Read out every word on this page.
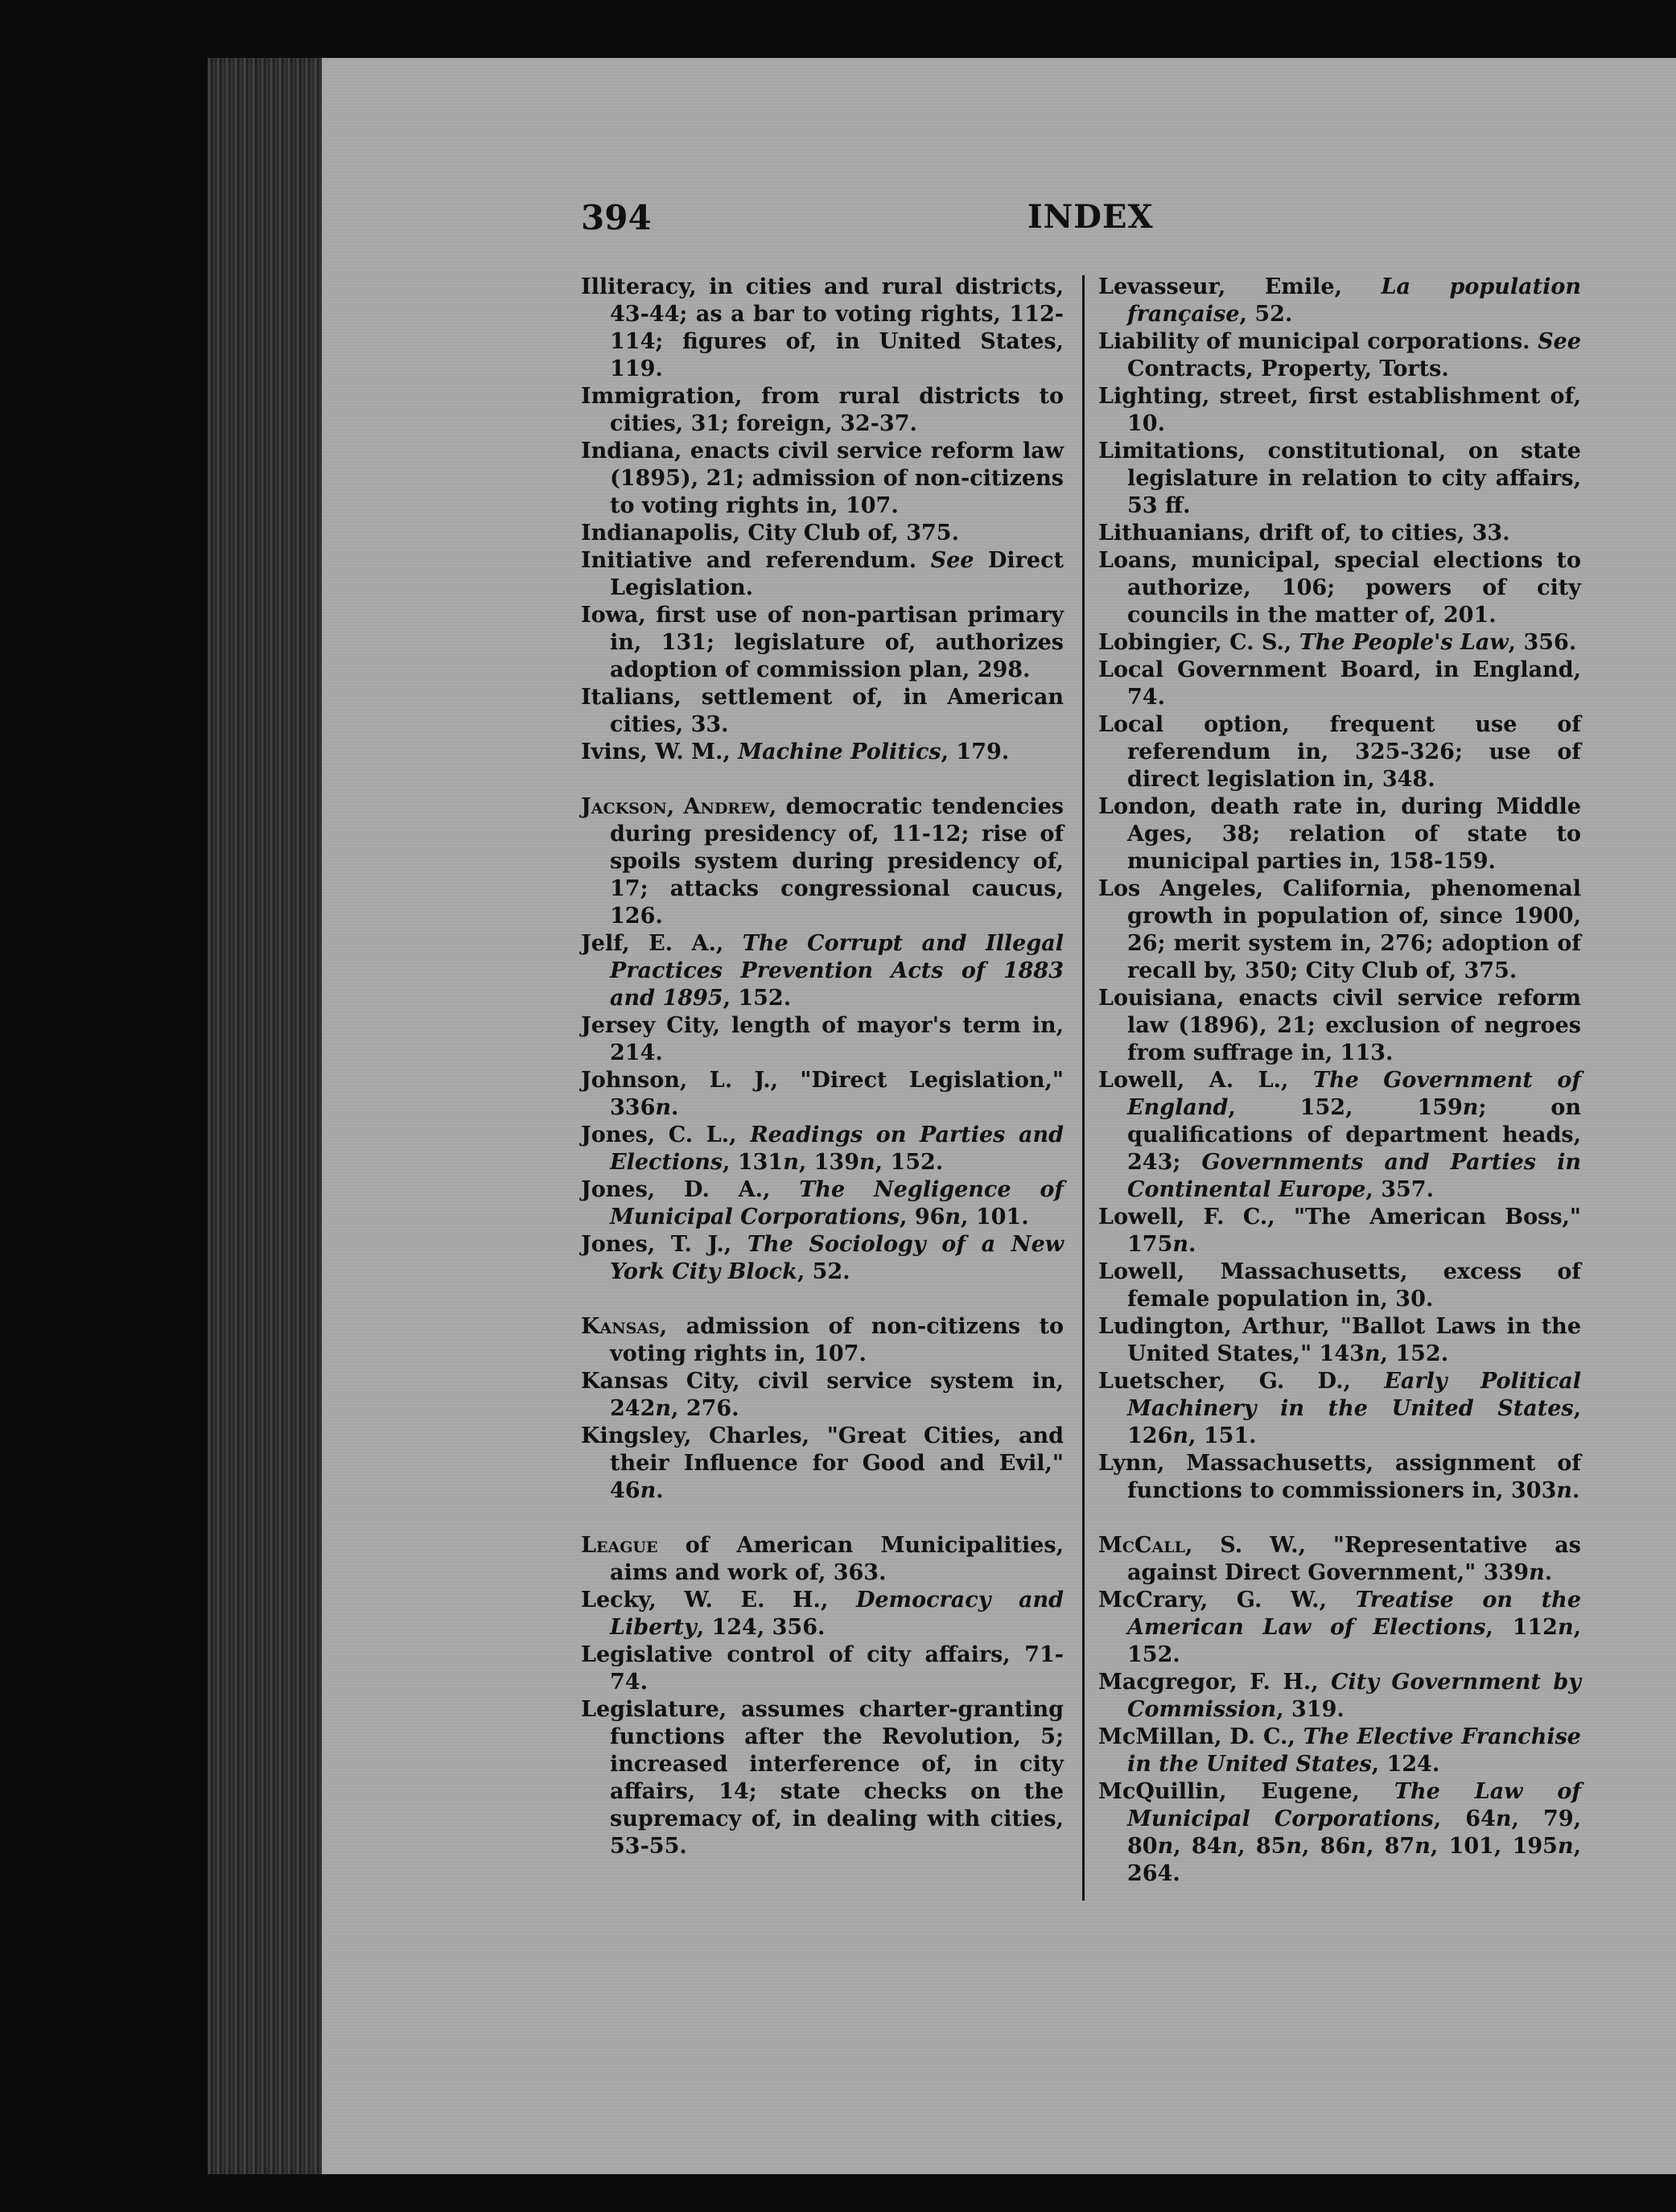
394	INDEX

Illiteracy, in cities and rural districts, 43-44; as a bar to voting rights, 112-114; figures of, in United States, 119.

Immigration, from rural districts to cities, 31; foreign, 32-37.

Indiana, enacts civil service reform law (1895), 21; admission of non-citizens to voting rights in, 107.

Indianapolis, City Club of, 375.

Initiative and referendum. See Direct Legislation.

Iowa, first use of non-partisan primary in, 131; legislature of, authorizes adoption of commission plan, 298.

Italians, settlement of, in American cities, 33.

Ivins, W. M., Machine Politics, 179.

Jackson, Andrew, democratic tendencies during presidency of, 11-12; rise of spoils system during presidency of, 17; attacks congressional caucus, 126.

Jelf, E. A., The Corrupt and Illegal Practices Prevention Acts of 1883 and 1895, 152.

Jersey City, length of mayor's term in, 214.

Johnson, L. J., "Direct Legislation," 336n.

Jones, C. L., Readings on Parties and Elections, 131n, 139n, 152.

Jones, D. A., The Negligence of Municipal Corporations, 96n, 101.

Jones, T. J., The Sociology of a New York City Block, 52.

Kansas, admission of non-citizens to voting rights in, 107.

Kansas City, civil service system in, 242n, 276.

Kingsley, Charles, "Great Cities, and their Influence for Good and Evil," 46n.

League of American Municipalities, aims and work of, 363.

Lecky, W. E. H., Democracy and Liberty, 124, 356.

Legislative control of city affairs, 71-74.

Legislature, assumes charter-granting functions after the Revolution, 5; increased interference of, in city affairs, 14; state checks on the supremacy of, in dealing with cities, 53-55.

Levasseur, Emile, La population française, 52.

Liability of municipal corporations. See Contracts, Property, Torts.

Lighting, street, first establishment of, 10.

Limitations, constitutional, on state legislature in relation to city affairs, 53 ff.

Lithuanians, drift of, to cities, 33.

Loans, municipal, special elections to authorize, 106; powers of city councils in the matter of, 201.

Lobingier, C. S., The People's Law, 356.

Local Government Board, in England, 74.

Local option, frequent use of referendum in, 325-326; use of direct legislation in, 348.

London, death rate in, during Middle Ages, 38; relation of state to municipal parties in, 158-159.

Los Angeles, California, phenomenal growth in population of, since 1900, 26; merit system in, 276; adoption of recall by, 350; City Club of, 375.

Louisiana, enacts civil service reform law (1896), 21; exclusion of negroes from suffrage in, 113.

Lowell, A. L., The Government of England, 152, 159n; on qualifications of department heads, 243; Governments and Parties in Continental Europe, 357.

Lowell, F. C., "The American Boss," 175n.

Lowell, Massachusetts, excess of female population in, 30.

Ludington, Arthur, "Ballot Laws in the United States," 143n, 152.

Luetscher, G. D., Early Political Machinery in the United States, 126n, 151.

Lynn, Massachusetts, assignment of functions to commissioners in, 303n.

McCall, S. W., "Representative as against Direct Government," 339n.

McCrary, G. W., Treatise on the American Law of Elections, 112n, 152.

Macgregor, F. H., City Government by Commission, 319.

McMillan, D. C., The Elective Franchise in the United States, 124.

McQuillin, Eugene, The Law of Municipal Corporations, 64n, 79, 80n, 84n, 85n, 86n, 87n, 101, 195n, 264.
